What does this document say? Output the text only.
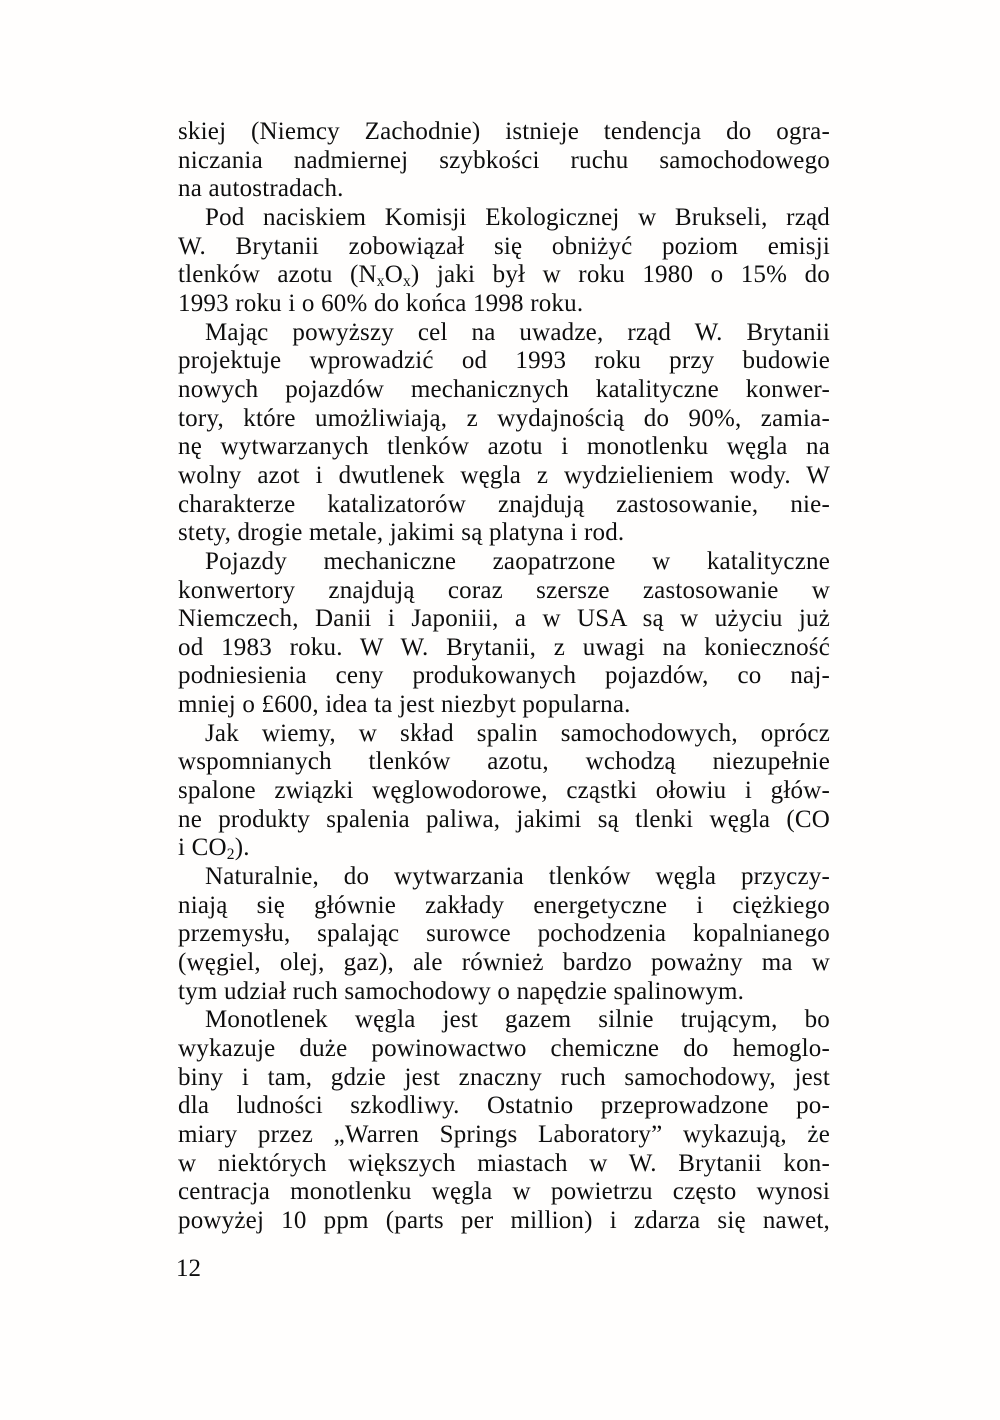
skiej (Niemcy Zachodnie) istnieje tendencja do ogra-
niczania nadmiernej szybkości ruchu samochodowego
na autostradach.
Pod naciskiem Komisji Ekologicznej w Brukseli, rząd
W. Brytanii zobowiązał się obniżyć poziom emisji
tlenków azotu $(N_xO_x)$ jaki był w roku 1980 o 15% do
1993 roku i o 60% do końca 1998 roku.
Mając powyższy cel na uwadze, rząd W. Brytanii
projektuje wprowadzić od 1993 roku przy budowie
nowych pojazdów mechanicznych katalityczne konwer-
tory, które umożliwiają, z wydajnością do 90%, zamia-
nę wytwarzanych tlenków azotu i monotlenku węgla na
wolny azot i dwutlenek węgla z wydzielieniem wody. W
charakterze katalizatorów znajdują zastosowanie, nie-
stety, drogie metale, jakimi są platyna i rod.
Pojazdy mechaniczne zaopatrzone w katalityczne
konwertory znajdują coraz szersze zastosowanie w
Niemczech, Danii i Japoniii, a w USA są w użyciu już
od 1983 roku. W W. Brytanii, z uwagi na konieczność
podniesienia ceny produkowanych pojazdów, co naj-
mniej o £600, idea ta jest niezbyt popularna.
Jak wiemy, w skład spalin samochodowych, oprócz
wspomnianych tlenków azotu, wchodzą niezupełnie
spalone związki węglowodorowe, cząstki ołowiu i głów-
ne produkty spalenia paliwa, jakimi są tlenki węgla (CO
i $CO_2$).
Naturalnie, do wytwarzania tlenków węgla przyczy-
niają się głównie zakłady energetyczne i ciężkiego
przemysłu, spalając surowce pochodzenia kopalnianego
(węgiel, olej, gaz), ale również bardzo poważny ma w
tym udział ruch samochodowy o napędzie spalinowym.
Monotlenek węgla jest gazem silnie trującym, bo
wykazuje duże powinowactwo chemiczne do hemoglo-
biny i tam, gdzie jest znaczny ruch samochodowy, jest
dla ludności szkodliwy. Ostatnio przeprowadzone po-
miary przez „Warren Springs Laboratory” wykazują, że
w niektórych większych miastach w W. Brytanii kon-
centracja monotlenku węgla w powietrzu często wynosi
powyżej 10 ppm (parts per million) i zdarza się nawet,
12
